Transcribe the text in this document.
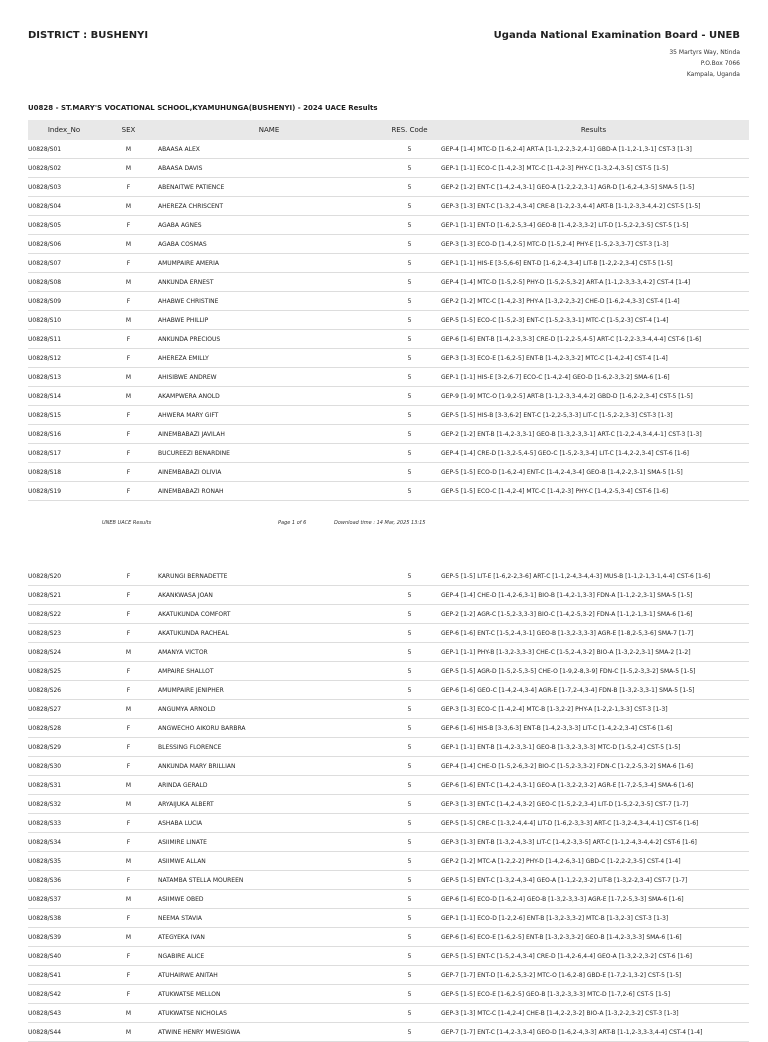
DISTRICT : BUSHENYI	Uganda National Examination Board - UNEB
35 Martyrs Way, Ntinda
P.O.Box 7066
Kampala, Uganda
U0828 - ST.MARY'S VOCATIONAL SCHOOL,KYAMUHUNGA(BUSHENYI) - 2024 UACE Results
Index_No	SEX	NAME	RES. Code	Results
U0828/S01	M	ABAASA ALEX	5	GEP-4 [1-4] MTC-D [1-6,2-4] ART-A [1-1,2-2,3-2,4-1] GBD-A [1-1,2-1,3-1] CST-3 [1-3]
U0828/S02	M	ABAASA DAVIS	5	GEP-1 [1-1] ECO-C [1-4,2-3] MTC-C [1-4,2-3] PHY-C [1-3,2-4,3-5] CST-5 [1-5]
U0828/S03	F	ABENAITWE PATIENCE	5	GEP-2 [1-2] ENT-C [1-4,2-4,3-1] GEO-A [1-2,2-2,3-1] AGR-D [1-6,2-4,3-5] SMA-5 [1-5]
U0828/S04	M	AHEREZA CHRISCENT	5	GEP-3 [1-3] ENT-C [1-3,2-4,3-4] CRE-B [1-2,2-3,4-4] ART-B [1-1,2-3,3-4,4-2] CST-5 [1-5]
U0828/S05	F	AGABA AGNES	5	GEP-1 [1-1] ENT-D [1-6,2-5,3-4] GEO-B [1-4,2-3,3-2] LIT-D [1-5,2-2,3-5] CST-5 [1-5]
U0828/S06	M	AGABA COSMAS	5	GEP-3 [1-3] ECO-D [1-4,2-5] MTC-D [1-5,2-4] PHY-E [1-5,2-3,3-7] CST-3 [1-3]
U0828/S07	F	AMUMPAIRE AMERIA	5	GEP-1 [1-1] HIS-E [3-5,6-6] ENT-D [1-6,2-4,3-4] LIT-B [1-2,2-2,3-4] CST-5 [1-5]
U0828/S08	M	ANKUNDA ERNEST	5	GEP-4 [1-4] MTC-D [1-5,2-5] PHY-D [1-5,2-5,3-2] ART-A [1-1,2-3,3-3,4-2] CST-4 [1-4]
U0828/S09	F	AHABWE CHRISTINE	5	GEP-2 [1-2] MTC-C [1-4,2-3] PHY-A [1-3,2-2,3-2] CHE-D [1-6,2-4,3-3] CST-4 [1-4]
U0828/S10	M	AHABWE PHILLIP	5	GEP-5 [1-5] ECO-C [1-5,2-3] ENT-C [1-5,2-3,3-1] MTC-C [1-5,2-3] CST-4 [1-4]
U0828/S11	F	ANKUNDA PRECIOUS	5	GEP-6 [1-6] ENT-B [1-4,2-3,3-3] CRE-D [1-2,2-5,4-5] ART-C [1-2,2-3,3-4,4-4] CST-6 [1-6]
U0828/S12	F	AHEREZA EMILLY	5	GEP-3 [1-3] ECO-E [1-6,2-5] ENT-B [1-4,2-3,3-2] MTC-C [1-4,2-4] CST-4 [1-4]
U0828/S13	M	AHISIBWE ANDREW	5	GEP-1 [1-1] HIS-E [3-2,6-7] ECO-C [1-4,2-4] GEO-D [1-6,2-3,3-2] SMA-6 [1-6]
U0828/S14	M	AKAMPWERA ANOLD	5	GEP-9 [1-9] MTC-O [1-9,2-5] ART-B [1-1,2-3,3-4,4-2] GBD-D [1-6,2-2,3-4] CST-5 [1-5]
U0828/S15	F	AHWERA MARY GIFT	5	GEP-5 [1-5] HIS-B [3-3,6-2] ENT-C [1-2,2-5,3-3] LIT-C [1-5,2-2,3-3] CST-3 [1-3]
U0828/S16	F	AINEMBABAZI JAVILAH	5	GEP-2 [1-2] ENT-B [1-4,2-3,3-1] GEO-B [1-3,2-3,3-1] ART-C [1-2,2-4,3-4,4-1] CST-3 [1-3]
U0828/S17	F	BUCUREEZI BENARDINE	5	GEP-4 [1-4] CRE-D [1-3,2-5,4-5] GEO-C [1-5,2-3,3-4] LIT-C [1-4,2-2,3-4] CST-6 [1-6]
U0828/S18	F	AINEMBABAZI OLIVIA	5	GEP-5 [1-5] ECO-D [1-6,2-4] ENT-C [1-4,2-4,3-4] GEO-B [1-4,2-2,3-1] SMA-5 [1-5]
U0828/S19	F	AINEMBABAZI RONAH	5	GEP-5 [1-5] ECO-C [1-4,2-4] MTC-C [1-4,2-3] PHY-C [1-4,2-5,3-4] CST-6 [1-6]
UNEB UACE Results	Page 1 of 6	Download time : 14 Mar, 2025 13:15
U0828/S20	F	KARUNGI BERNADETTE	5	GEP-5 [1-5] LIT-E [1-6,2-2,3-6] ART-C [1-1,2-4,3-4,4-3] MUS-B [1-1,2-1,3-1,4-4] CST-6 [1-6]
U0828/S21	F	AKANKWASA JOAN	5	GEP-4 [1-4] CHE-D [1-4,2-6,3-1] BIO-B [1-4,2-1,3-3] FDN-A [1-1,2-2,3-1] SMA-5 [1-5]
U0828/S22	F	AKATUKUNDA COMFORT	5	GEP-2 [1-2] AGR-C [1-5,2-3,3-3] BIO-C [1-4,2-5,3-2] FDN-A [1-1,2-1,3-1] SMA-6 [1-6]
U0828/S23	F	AKATUKUNDA RACHEAL	5	GEP-6 [1-6] ENT-C [1-5,2-4,3-1] GEO-B [1-3,2-3,3-3] AGR-E [1-8,2-5,3-6] SMA-7 [1-7]
U0828/S24	M	AMANYA VICTOR	5	GEP-1 [1-1] PHY-B [1-3,2-3,3-3] CHE-C [1-5,2-4,3-2] BIO-A [1-3,2-2,3-1] SMA-2 [1-2]
U0828/S25	F	AMPAIRE SHALLOT	5	GEP-5 [1-5] AGR-D [1-5,2-5,3-5] CHE-O [1-9,2-8,3-9] FDN-C [1-5,2-3,3-2] SMA-5 [1-5]
U0828/S26	F	AMUMPAIRE JENIPHER	5	GEP-6 [1-6] GEO-C [1-4,2-4,3-4] AGR-E [1-7,2-4,3-4] FDN-B [1-3,2-3,3-1] SMA-5 [1-5]
U0828/S27	M	ANGUMYA ARNOLD	5	GEP-3 [1-3] ECO-C [1-4,2-4] MTC-B [1-3,2-2] PHY-A [1-2,2-1,3-3] CST-3 [1-3]
U0828/S28	F	ANGWECHO AIKORU BARBRA	5	GEP-6 [1-6] HIS-B [3-3,6-3] ENT-B [1-4,2-3,3-3] LIT-C [1-4,2-2,3-4] CST-6 [1-6]
U0828/S29	F	BLESSING FLORENCE	5	GEP-1 [1-1] ENT-B [1-4,2-3,3-1] GEO-B [1-3,2-3,3-3] MTC-D [1-5,2-4] CST-5 [1-5]
U0828/S30	F	ANKUNDA MARY BRILLIAN	5	GEP-4 [1-4] CHE-D [1-5,2-6,3-2] BIO-C [1-5,2-3,3-2] FDN-C [1-2,2-5,3-2] SMA-6 [1-6]
U0828/S31	M	ARINDA GERALD	5	GEP-6 [1-6] ENT-C [1-4,2-4,3-1] GEO-A [1-3,2-2,3-2] AGR-E [1-7,2-5,3-4] SMA-6 [1-6]
U0828/S32	M	ARYAIJUKA ALBERT	5	GEP-3 [1-3] ENT-C [1-4,2-4,3-2] GEO-C [1-5,2-2,3-4] LIT-D [1-5,2-2,3-5] CST-7 [1-7]
U0828/S33	F	ASHABA LUCIA	5	GEP-5 [1-5] CRE-C [1-3,2-4,4-4] LIT-D [1-6,2-3,3-3] ART-C [1-3,2-4,3-4,4-1] CST-6 [1-6]
U0828/S34	F	ASIIMIRE LINATE	5	GEP-3 [1-3] ENT-B [1-3,2-4,3-3] LIT-C [1-4,2-3,3-5] ART-C [1-1,2-4,3-4,4-2] CST-6 [1-6]
U0828/S35	M	ASIIMWE ALLAN	5	GEP-2 [1-2] MTC-A [1-2,2-2] PHY-D [1-4,2-6,3-1] GBD-C [1-2,2-2,3-5] CST-4 [1-4]
U0828/S36	F	NATAMBA STELLA MOUREEN	5	GEP-5 [1-5] ENT-C [1-3,2-4,3-4] GEO-A [1-1,2-2,3-2] LIT-B [1-3,2-2,3-4] CST-7 [1-7]
U0828/S37	M	ASIIMWE OBED	5	GEP-6 [1-6] ECO-D [1-6,2-4] GEO-B [1-3,2-3,3-3] AGR-E [1-7,2-5,3-3] SMA-6 [1-6]
U0828/S38	F	NEEMA STAVIA	5	GEP-1 [1-1] ECO-D [1-2,2-6] ENT-B [1-3,2-3,3-2] MTC-B [1-3,2-3] CST-3 [1-3]
U0828/S39	M	ATEGYEKA IVAN	5	GEP-6 [1-6] ECO-E [1-6,2-5] ENT-B [1-3,2-3,3-2] GEO-B [1-4,2-3,3-3] SMA-6 [1-6]
U0828/S40	F	NGABIRE ALICE	5	GEP-5 [1-5] ENT-C [1-5,2-4,3-4] CRE-D [1-4,2-6,4-4] GEO-A [1-3,2-2,3-2] CST-6 [1-6]
U0828/S41	F	ATUHAIRWE ANITAH	5	GEP-7 [1-7] ENT-D [1-6,2-5,3-2] MTC-O [1-6,2-8] GBD-E [1-7,2-1,3-2] CST-5 [1-5]
U0828/S42	F	ATUKWATSE MELLON	5	GEP-5 [1-5] ECO-E [1-6,2-5] GEO-B [1-3,2-3,3-3] MTC-D [1-7,2-6] CST-5 [1-5]
U0828/S43	M	ATUKWATSE NICHOLAS	5	GEP-3 [1-3] MTC-C [1-4,2-4] CHE-B [1-4,2-2,3-2] BIO-A [1-3,2-2,3-2] CST-3 [1-3]
U0828/S44	M	ATWINE HENRY MWESIGWA	5	GEP-7 [1-7] ENT-C [1-4,2-3,3-4] GEO-D [1-6,2-4,3-3] ART-B [1-1,2-3,3-3,4-4] CST-4 [1-4]
